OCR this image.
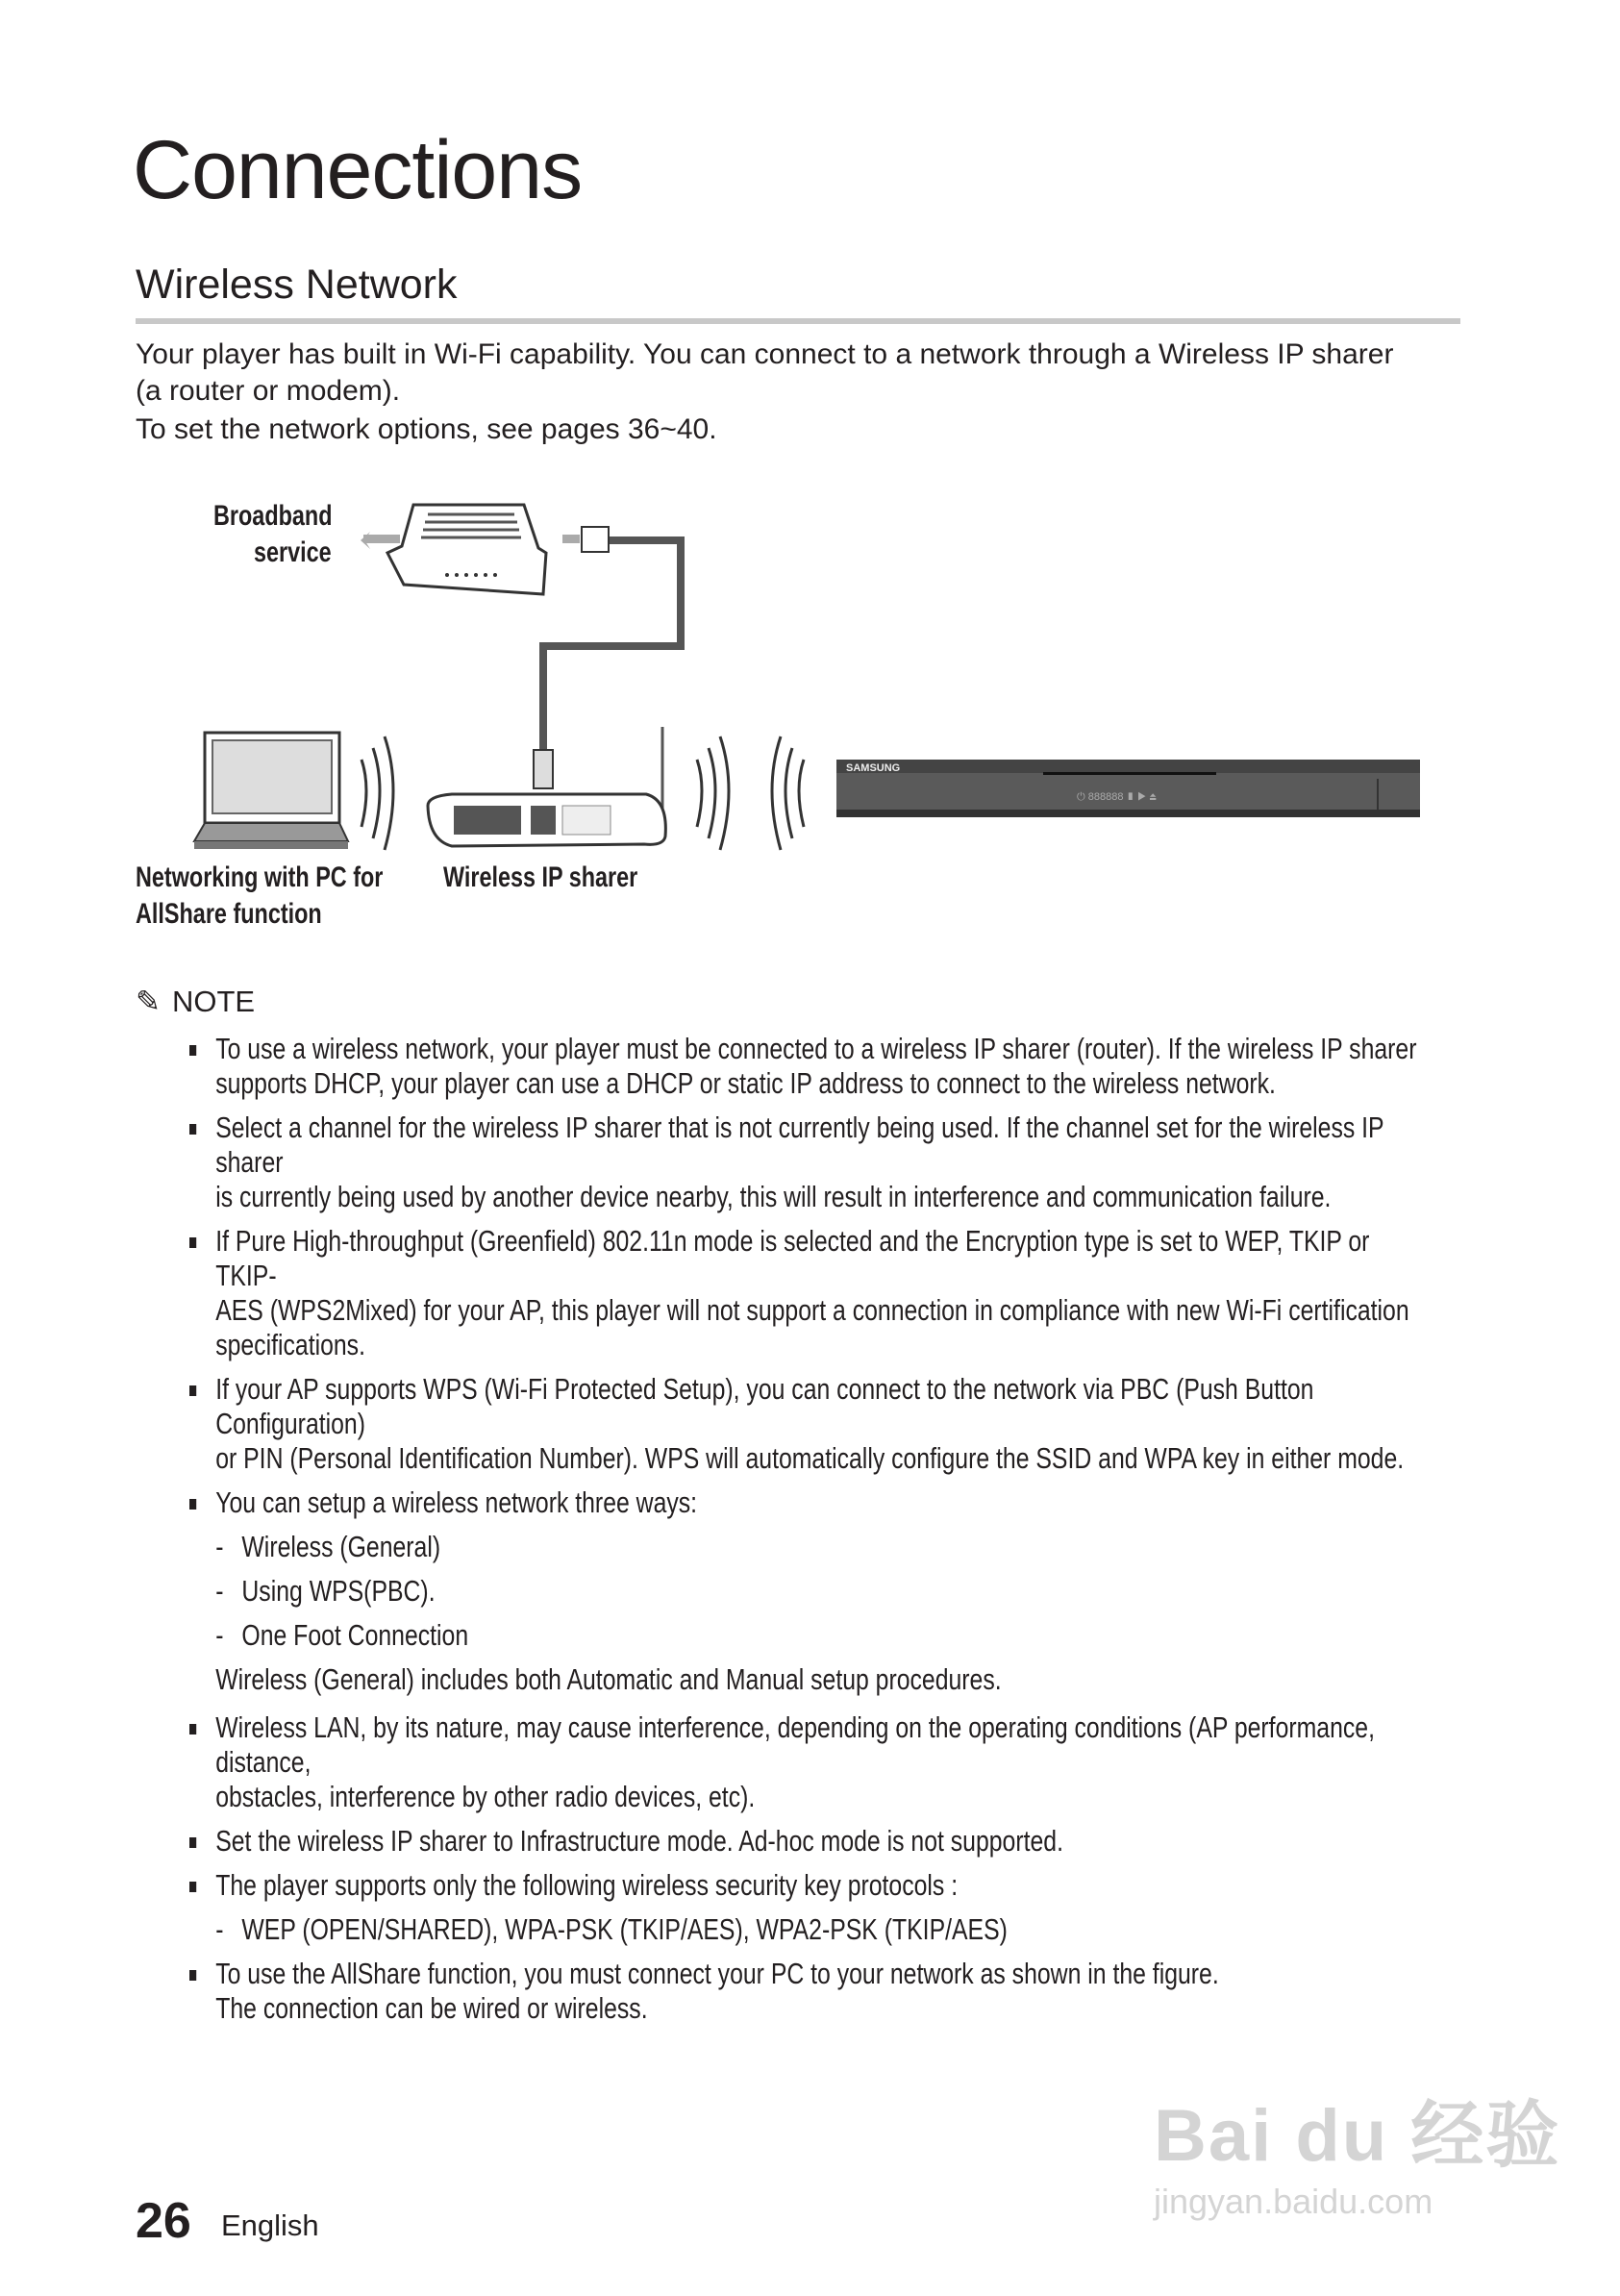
Connections
Wireless Network
Your player has built in Wi-Fi capability. You can connect to a network through a Wireless IP sharer
(a router or modem).
To set the network options, see pages 36~40.
SAMSUNG
⏻ 888888 ▮ ▶ ⏏
Broadband
service
Networking with PC for
AllShare function
Wireless IP sharer
✎ NOTE
To use a wireless network, your player must be connected to a wireless IP sharer (router). If the wireless IP sharer
supports DHCP, your player can use a DHCP or static IP address to connect to the wireless network.
Select a channel for the wireless IP sharer that is not currently being used. If the channel set for the wireless IP sharer
is currently being used by another device nearby, this will result in interference and communication failure.
If Pure High-throughput (Greenfield) 802.11n mode is selected and the Encryption type is set to WEP, TKIP or TKIP-
AES (WPS2Mixed) for your AP, this player will not support a connection in compliance with new Wi-Fi certification
specifications.
If your AP supports WPS (Wi-Fi Protected Setup), you can connect to the network via PBC (Push Button Configuration)
or PIN (Personal Identification Number). WPS will automatically configure the SSID and WPA key in either mode.
You can setup a wireless network three ways:
- Wireless (General)
- Using WPS(PBC).
- One Foot Connection
Wireless (General) includes both Automatic and Manual setup procedures.
Wireless LAN, by its nature, may cause interference, depending on the operating conditions (AP performance, distance,
obstacles, interference by other radio devices, etc).
Set the wireless IP sharer to Infrastructure mode. Ad-hoc mode is not supported.
The player supports only the following wireless security key protocols :
- WEP (OPEN/SHARED), WPA-PSK (TKIP/AES), WPA2-PSK (TKIP/AES)
To use the AllShare function, you must connect your PC to your network as shown in the figure.
The connection can be wired or wireless.
Bai du 经验
jingyan.baidu.com
26 English
